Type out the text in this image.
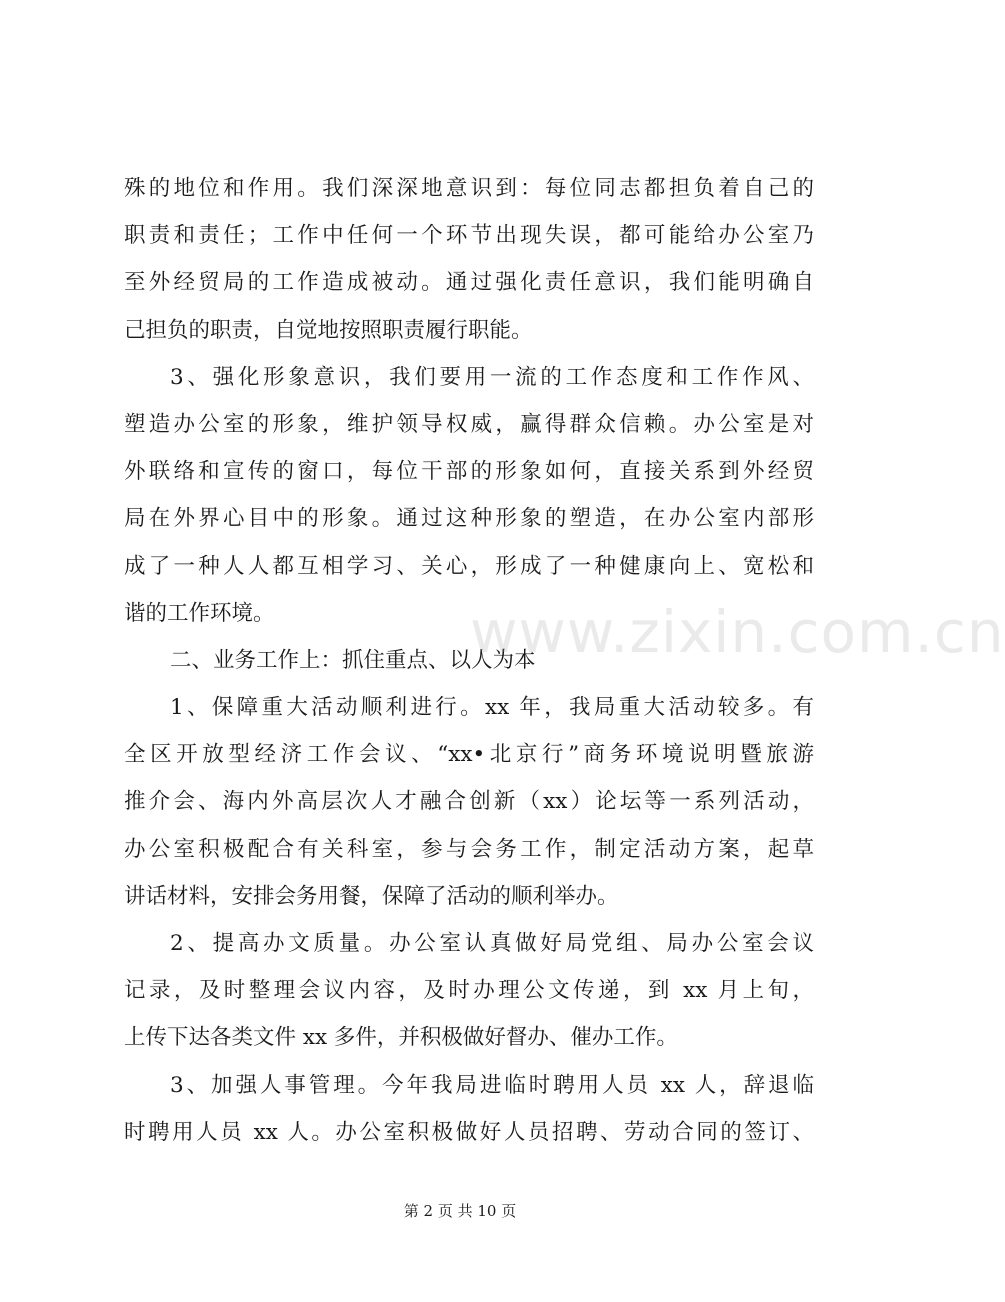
殊的地位和作用。我们深深地意识到：每位同志都担负着自己的
职责和责任；工作中任何一个环节出现失误，都可能给办公室乃
至外经贸局的工作造成被动。通过强化责任意识，我们能明确自
己担负的职责，自觉地按照职责履行职能。
3、强化形象意识，我们要用一流的工作态度和工作作风、
塑造办公室的形象，维护领导权威，赢得群众信赖。办公室是对
外联络和宣传的窗口，每位干部的形象如何，直接关系到外经贸
局在外界心目中的形象。通过这种形象的塑造，在办公室内部形
成了一种人人都互相学习、关心，形成了一种健康向上、宽松和
谐的工作环境。
二、业务工作上：抓住重点、以人为本
1、保障重大活动顺利进行。xx 年，我局重大活动较多。有
全区开放型经济工作会议、“xx•北京行”商务环境说明暨旅游
推介会、海内外高层次人才融合创新（xx）论坛等一系列活动，
办公室积极配合有关科室，参与会务工作，制定活动方案，起草
讲话材料，安排会务用餐，保障了活动的顺利举办。
2、提高办文质量。办公室认真做好局党组、局办公室会议
记录，及时整理会议内容，及时办理公文传递，到 xx 月上旬，
上传下达各类文件 xx 多件，并积极做好督办、催办工作。
3、加强人事管理。今年我局进临时聘用人员 xx 人，辞退临
时聘用人员 xx 人。办公室积极做好人员招聘、劳动合同的签订、
www.zixin.com.cn
第 2 页 共 10 页
